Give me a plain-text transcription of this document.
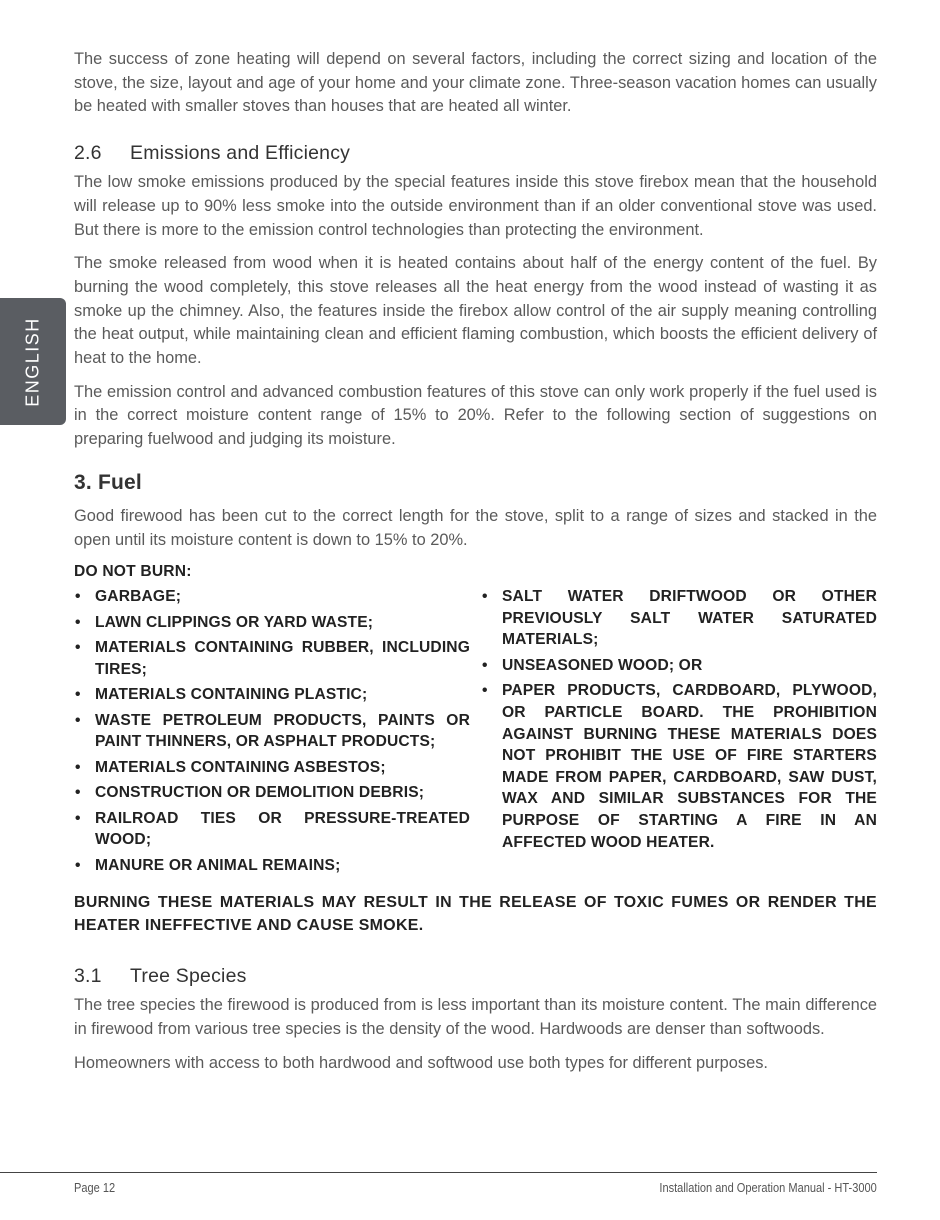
ENGLISH

The success of zone heating will depend on several factors, including the correct sizing and location of the stove, the size, layout and age of your home and your climate zone. Three-season vacation homes can usually be heated with smaller stoves than houses that are heated all winter.

2.6 Emissions and Efficiency

The low smoke emissions produced by the special features inside this stove firebox mean that the household will release up to 90% less smoke into the outside environment than if an older conventional stove was used. But there is more to the emission control technologies than protecting the environment.

The smoke released from wood when it is heated contains about half of the energy content of the fuel. By burning the wood completely, this stove releases all the heat energy from the wood instead of wasting it as smoke up the chimney. Also, the features inside the firebox allow control of the air supply meaning controlling the heat output, while maintaining clean and efficient flaming combustion, which boosts the efficient delivery of heat to the home.

The emission control and advanced combustion features of this stove can only work properly if the fuel used is in the correct moisture content range of 15% to 20%. Refer to the following section of suggestions on preparing fuelwood and judging its moisture.

3. Fuel

Good firewood has been cut to the correct length for the stove, split to a range of sizes and stacked in the open until its moisture content is down to 15% to 20%.

DO NOT BURN:
• GARBAGE;
• LAWN CLIPPINGS OR YARD WASTE;
• MATERIALS CONTAINING RUBBER, INCLUDING TIRES;
• MATERIALS CONTAINING PLASTIC;
• WASTE PETROLEUM PRODUCTS, PAINTS OR PAINT THINNERS, OR ASPHALT PRODUCTS;
• MATERIALS CONTAINING ASBESTOS;
• CONSTRUCTION OR DEMOLITION DEBRIS;
• RAILROAD TIES OR PRESSURE-TREATED WOOD;
• MANURE OR ANIMAL REMAINS;
• SALT WATER DRIFTWOOD OR OTHER PREVIOUSLY SALT WATER SATURATED MATERIALS;
• UNSEASONED WOOD; OR
• PAPER PRODUCTS, CARDBOARD, PLYWOOD, OR PARTICLE BOARD. THE PROHIBITION AGAINST BURNING THESE MATERIALS DOES NOT PROHIBIT THE USE OF FIRE STARTERS MADE FROM PAPER, CARDBOARD, SAW DUST, WAX AND SIMILAR SUBSTANCES FOR THE PURPOSE OF STARTING A FIRE IN AN AFFECTED WOOD HEATER.
BURNING THESE MATERIALS MAY RESULT IN THE RELEASE OF TOXIC FUMES OR RENDER THE HEATER INEFFECTIVE AND CAUSE SMOKE.
3.1 Tree Species

The tree species the firewood is produced from is less important than its moisture content. The main difference in firewood from various tree species is the density of the wood. Hardwoods are denser than softwoods.

Homeowners with access to both hardwood and softwood use both types for different purposes.

Page 12	Installation and Operation Manual - HT-3000
